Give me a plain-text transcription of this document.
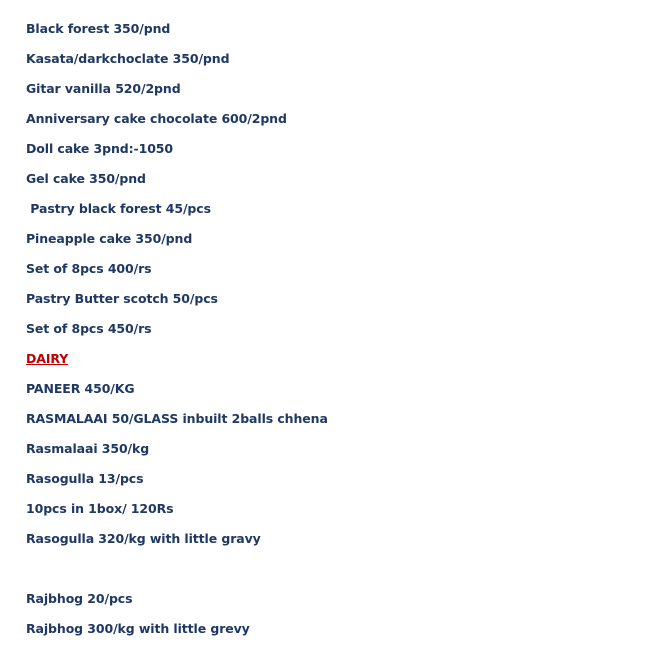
Black forest 350/pnd
Kasata/darkchoclate 350/pnd
Gitar vanilla 520/2pnd
Anniversary cake chocolate 600/2pnd
Doll cake 3pnd:-1050
Gel cake 350/pnd
Pastry black forest 45/pcs
Pineapple cake 350/pnd
Set of 8pcs 400/rs
Pastry Butter scotch 50/pcs
Set of 8pcs 450/rs
DAIRY
PANEER 450/KG
RASMALAAI 50/GLASS inbuilt 2balls chhena
Rasmalaai 350/kg
Rasogulla 13/pcs
10pcs in 1box/ 120Rs
Rasogulla 320/kg with little gravy
Rajbhog 20/pcs
Rajbhog 300/kg with little grevy
